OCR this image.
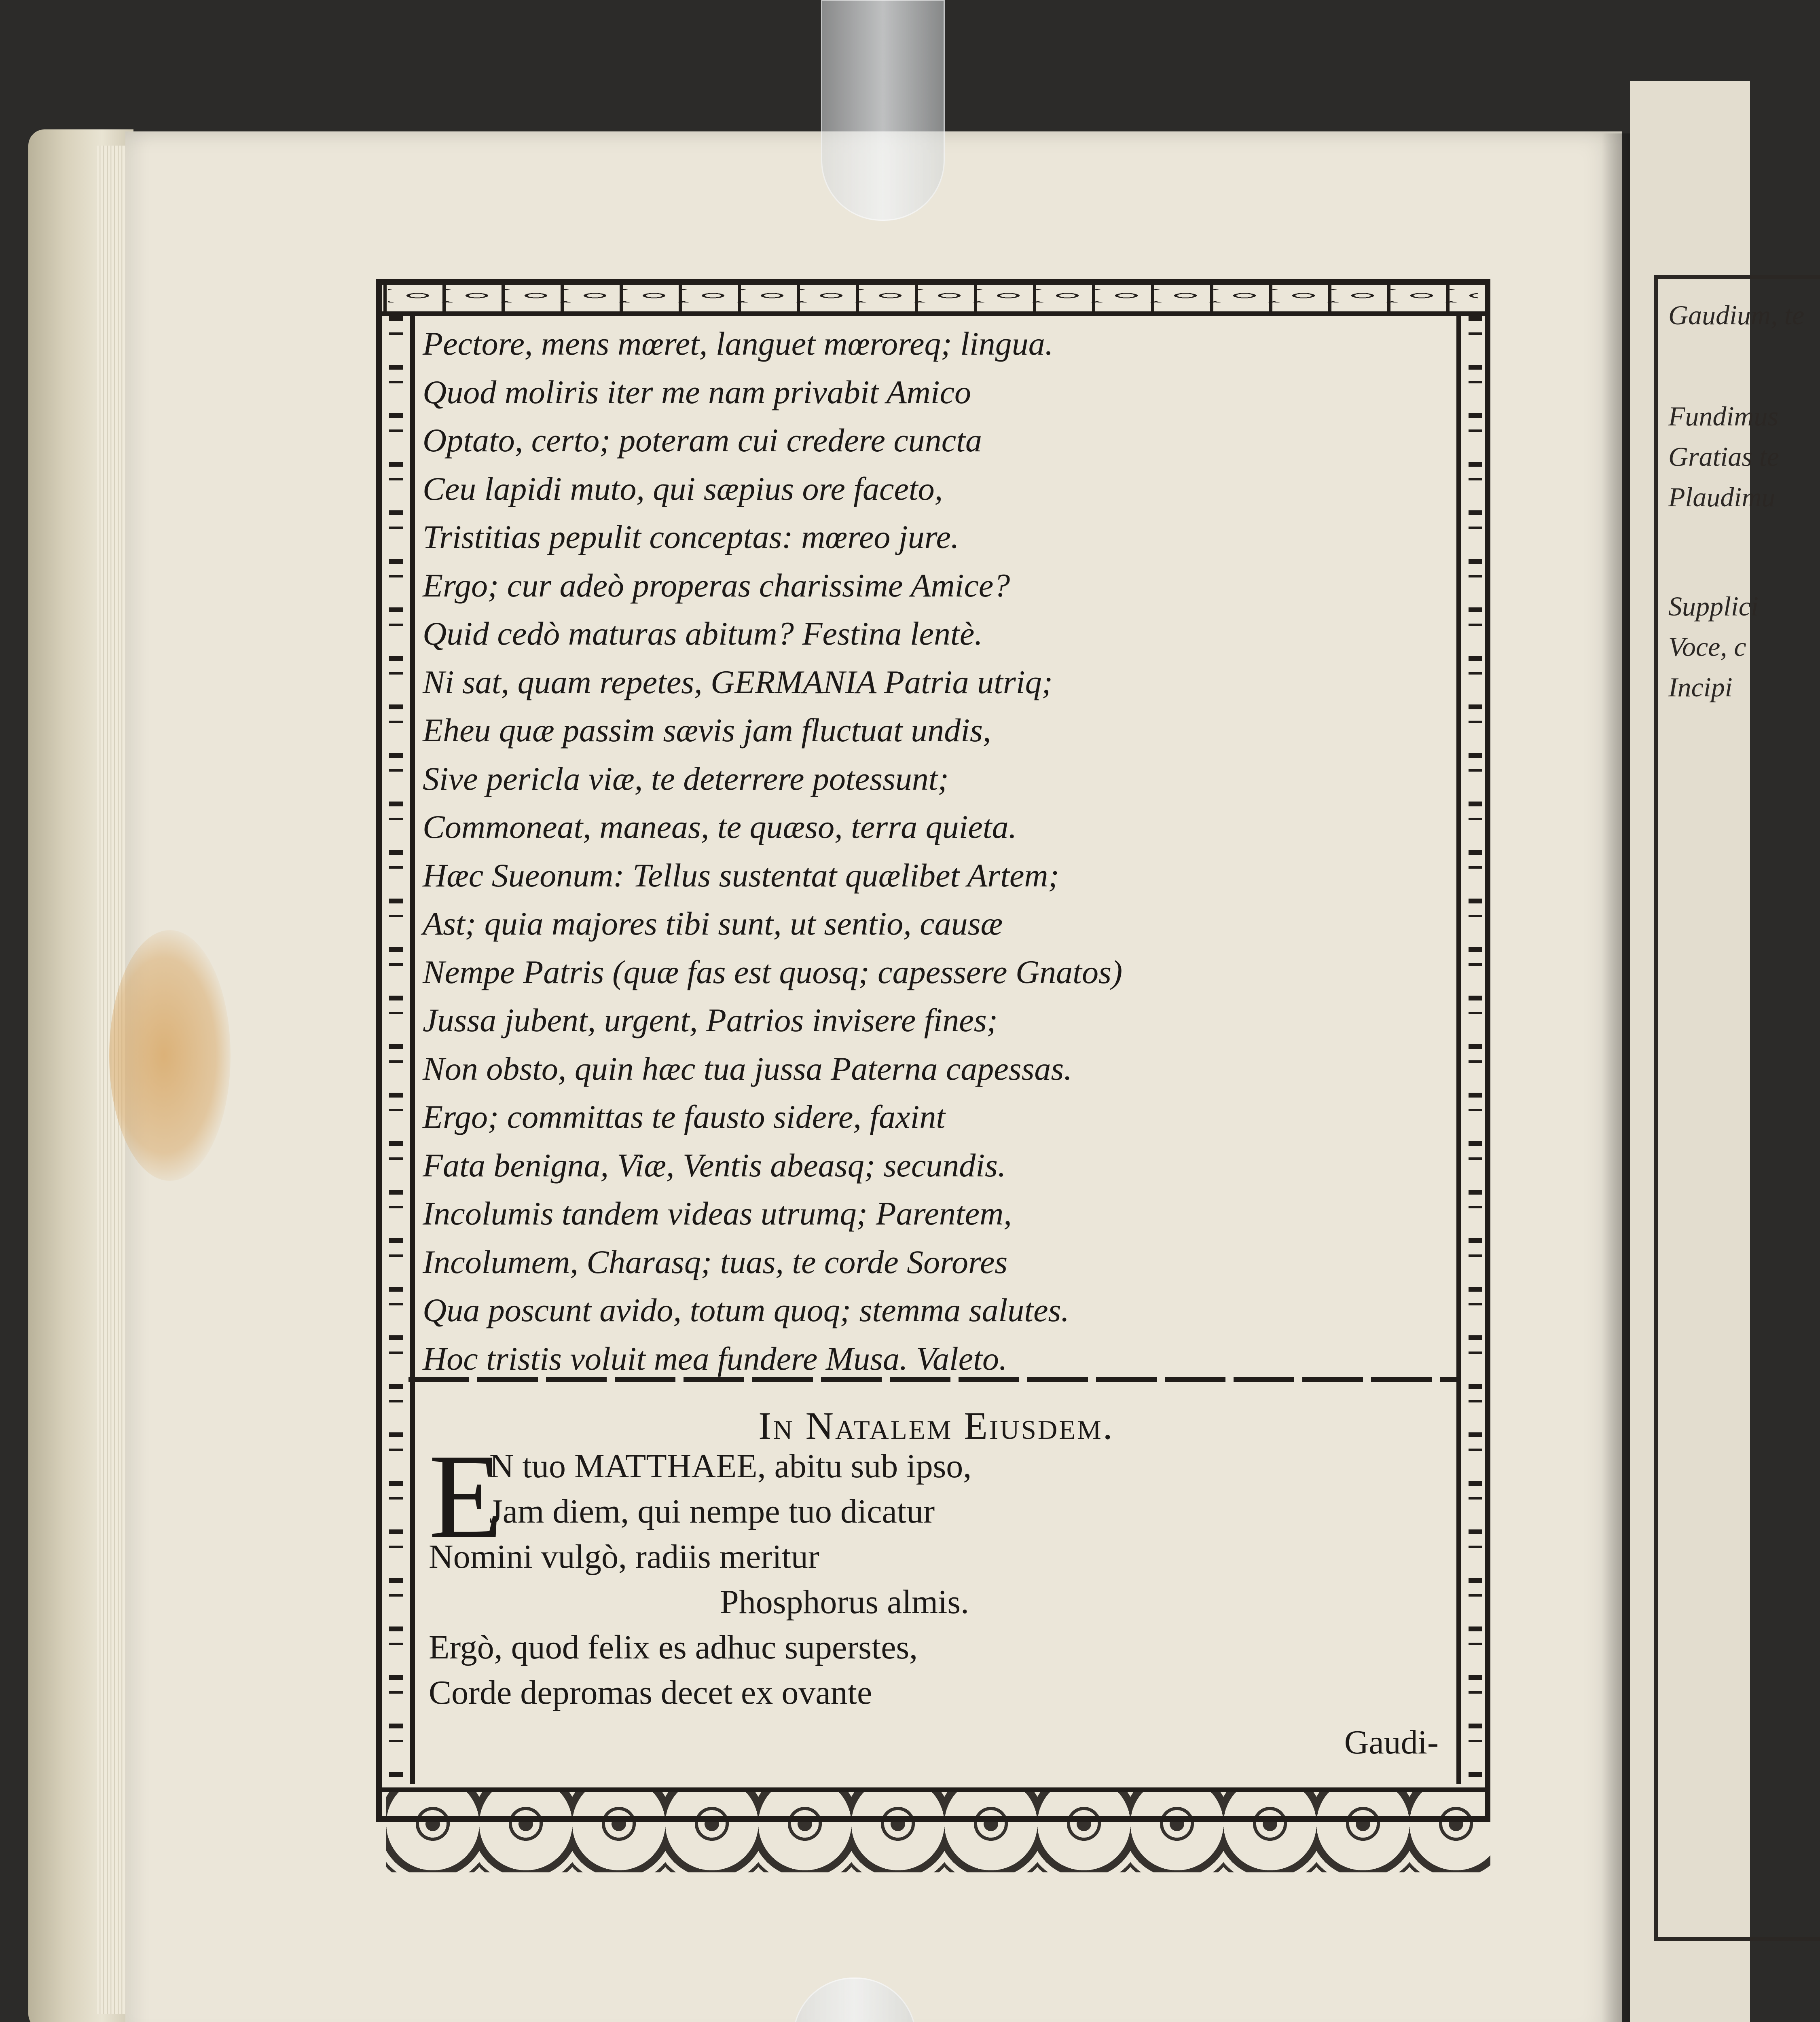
Gaudium, te
Fundimus
Gratias te
Plaudimu
Supplici
Voce, c
Incipi
Pectore, mens mœret, languet mœroreq; lingua.
Quod moliris iter me nam privabit Amico
Optato, certo; poteram cui credere cuncta
Ceu lapidi muto, qui sæpius ore faceto,
Tristitias pepulit conceptas: mœreo jure.
Ergo; cur adeò properas charissime Amice?
Quid cedò maturas abitum? Festina lentè.
Ni sat, quam repetes, GERMANIA Patria utriq;
Eheu quæ passim sævis jam fluctuat undis,
Sive pericla viæ, te deterrere potessunt;
Commoneat, maneas, te quæso, terra quieta.
Hæc Sueonum: Tellus sustentat quælibet Artem;
Ast; quia majores tibi sunt, ut sentio, causæ
Nempe Patris (quæ fas est quosq; capessere Gnatos)
Jussa jubent, urgent, Patrios invisere fines;
Non obsto, quin hæc tua jussa Paterna capessas.
Ergo; committas te fausto sidere, faxint
Fata benigna, Viæ, Ventis abeasq; secundis.
Incolumis tandem videas utrumq; Parentem,
Incolumem, Charasq; tuas, te corde Sorores
Qua poscunt avido, totum quoq; stemma salutes.
Hoc tristis voluit mea fundere Musa. Valeto.
In Natalem Eiusdem.
E
N tuo MATTHAEE, abitu sub ipso,
Jam diem, qui nempe tuo dicatur
Nomini vulgò, radiis meritur
Phosphorus almis.
Ergò, quod felix es adhuc superstes,
Corde depromas decet ex ovante
Gaudi-
